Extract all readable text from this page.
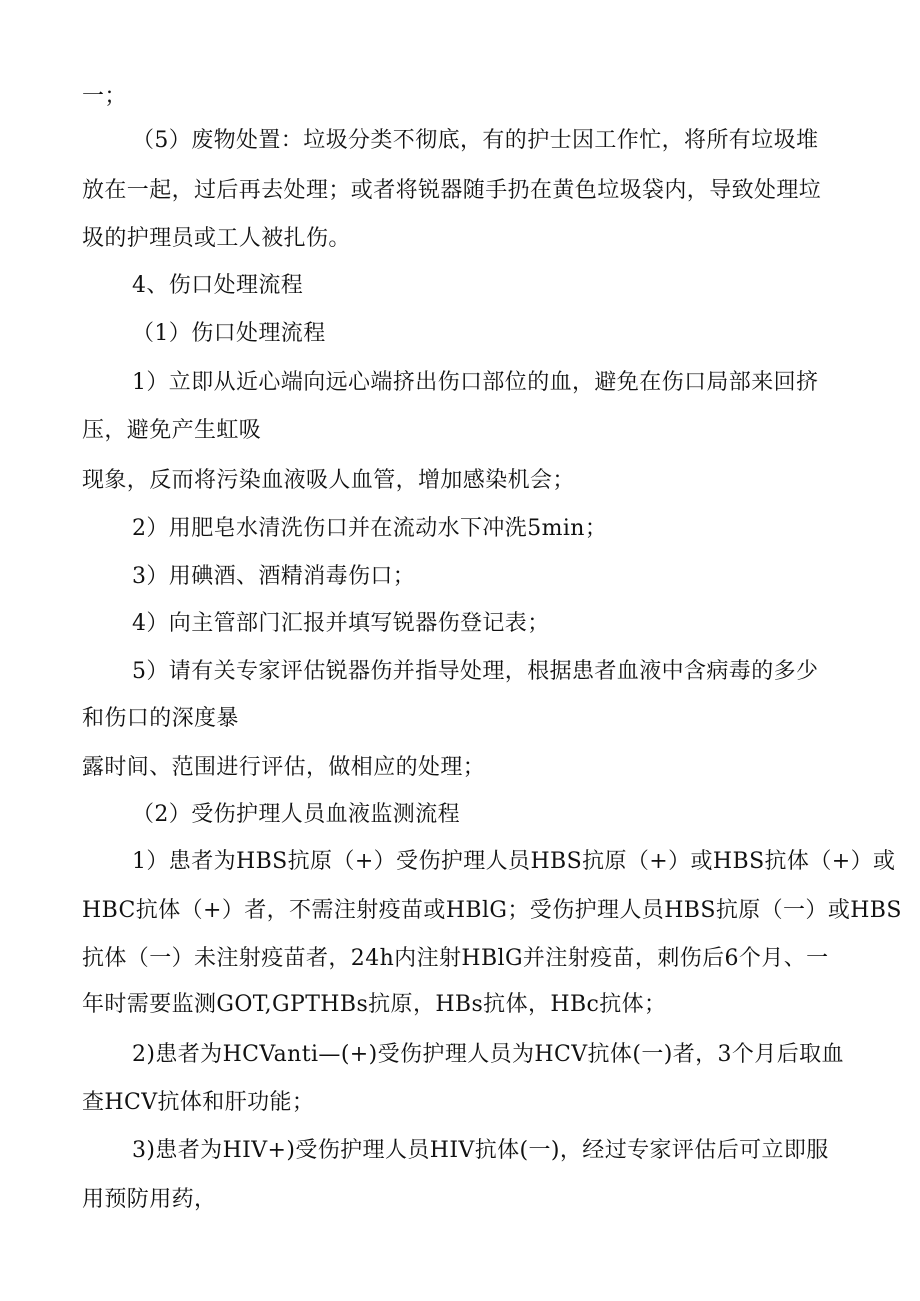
一；
（5）废物处置：垃圾分类不彻底，有的护士因工作忙，将所有垃圾堆
放在一起，过后再去处理；或者将锐器随手扔在黄色垃圾袋内，导致处理垃
圾的护理员或工人被扎伤。
4、伤口处理流程
（1）伤口处理流程
1）立即从近心端向远心端挤出伤口部位的血，避免在伤口局部来回挤
压，避免产生虹吸
现象，反而将污染血液吸人血管，增加感染机会；
2）用肥皂水清洗伤口并在流动水下冲洗5min；
3）用碘酒、酒精消毒伤口；
4）向主管部门汇报并填写锐器伤登记表；
5）请有关专家评估锐器伤并指导处理，根据患者血液中含病毒的多少
和伤口的深度暴
露时间、范围进行评估，做相应的处理；
（2）受伤护理人员血液监测流程
1）患者为HBS抗原（+）受伤护理人员HBS抗原（+）或HBS抗体（+）或
HBC抗体（+）者，不需注射疫苗或HBlG；受伤护理人员HBS抗原（一）或HBS
抗体（一）未注射疫苗者，24h内注射HBlG并注射疫苗，刺伤后6个月、一
年时需要监测GOT,GPTHBs抗原，HBs抗体，HBc抗体；
2)患者为HCVanti—(+)受伤护理人员为HCV抗体(一)者，3个月后取血
查HCV抗体和肝功能；
3)患者为HIV+)受伤护理人员HIV抗体(一)，经过专家评估后可立即服
用预防用药，
